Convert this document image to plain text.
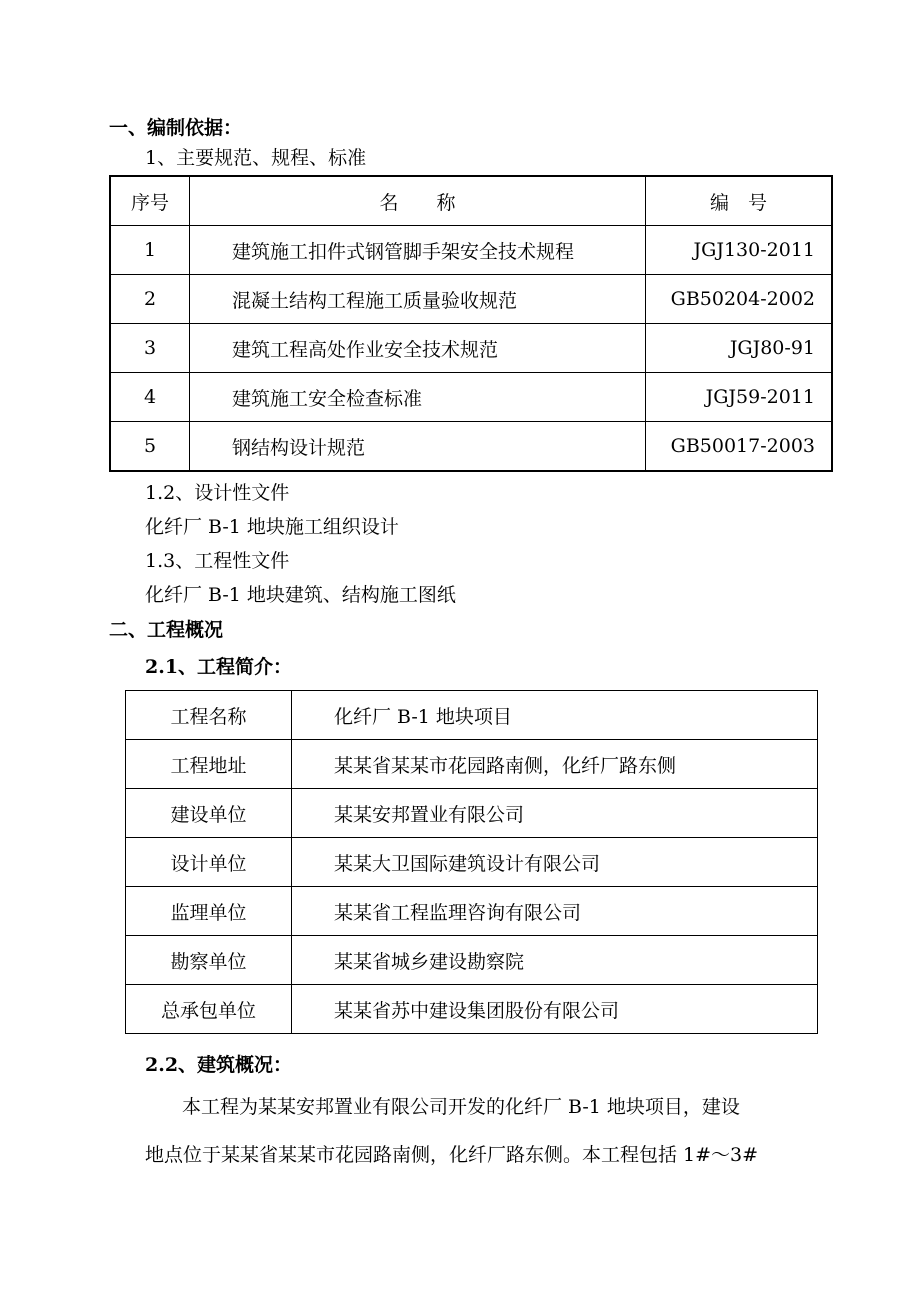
一、编制依据：
1、主要规范、规程、标准
序号	名　　称	编　号
1	建筑施工扣件式钢管脚手架安全技术规程	JGJ130-2011
2	混凝土结构工程施工质量验收规范	GB50204-2002
3	建筑工程高处作业安全技术规范	JGJ80-91
4	建筑施工安全检查标准	JGJ59-2011
5	钢结构设计规范	GB50017-2003
1.2、设计性文件
化纤厂 B-1 地块施工组织设计
1.3、工程性文件
化纤厂 B-1 地块建筑、结构施工图纸
二、工程概况
2.1、工程简介：
工程名称	化纤厂 B-1 地块项目
工程地址	某某省某某市花园路南侧，化纤厂路东侧
建设单位	某某安邦置业有限公司
设计单位	某某大卫国际建筑设计有限公司
监理单位	某某省工程监理咨询有限公司
勘察单位	某某省城乡建设勘察院
总承包单位	某某省苏中建设集团股份有限公司
2.2、建筑概况：
本工程为某某安邦置业有限公司开发的化纤厂 B-1 地块项目，建设
地点位于某某省某某市花园路南侧，化纤厂路东侧。本工程包括 1#～3#
